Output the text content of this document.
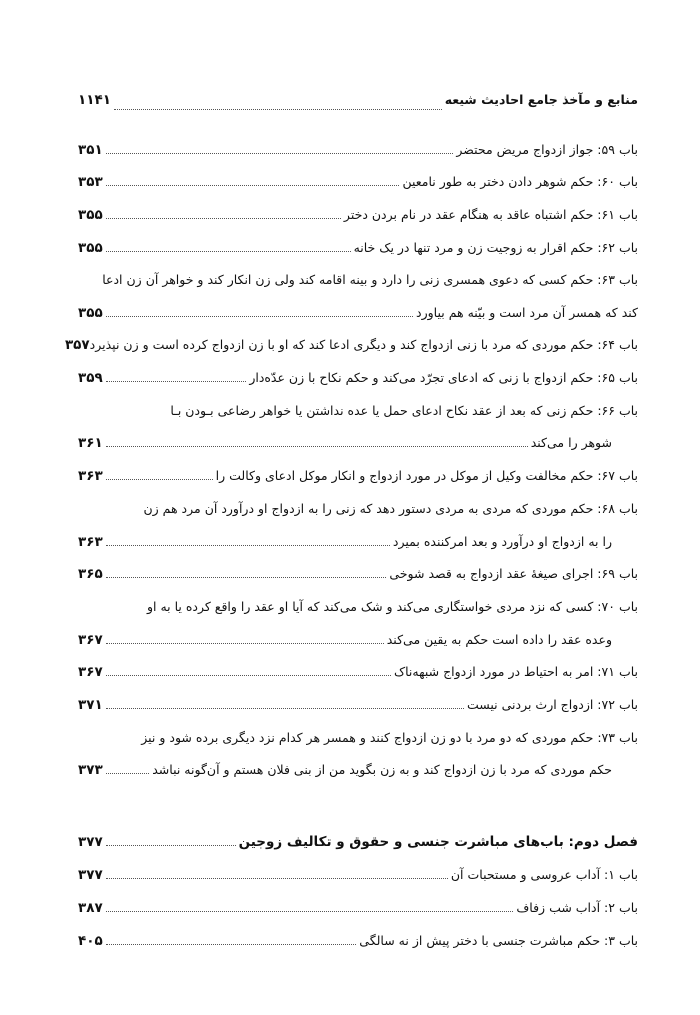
منابع و مآخذ جامع احادیث شیعه
۱۱۴۱
باب ۵۹: جواز ازدواج مریض محتضر
۳۵۱
باب ۶۰: حکم شوهر دادن دختر به طور نامعین
۳۵۳
باب ۶۱: حکم اشتباه عاقد به هنگام عقد در نام بردن دختر
۳۵۵
باب ۶۲: حکم اقرار به زوجیت زن و مرد تنها در یک خانه
۳۵۵
باب ۶۳: حکم کسی که دعوی همسری زنی را دارد و بینه اقامه کند ولی زن انکار کند و خواهر آن زن ادعا
کند که همسر آن مرد است و بیّنه هم بیاورد
۳۵۵
باب ۶۴: حکم موردی که مرد با زنی ازدواج کند و دیگری ادعا کند که او با زن ازدواج کرده است و زن نپذیرد
۳۵۷
باب ۶۵: حکم ازدواج با زنی که ادعای تجرّد می‌کند و حکم نکاح با زن عدّه‌دار
۳۵۹
باب ۶۶: حکم زنی که بعد از عقد نکاح ادعای حمل یا عده نداشتن یا خواهر رضاعی بـودن بـا
شوهر را می‌کند
۳۶۱
باب ۶۷: حکم مخالفت وکیل از موکل در مورد ازدواج و انکار موکل ادعای وکالت را
۳۶۳
باب ۶۸: حکم موردی که مردی به مردی دستور دهد که زنی را به ازدواج او درآورد آن مرد هم زن
را به ازدواج او درآورد و بعد امرکننده بمیرد
۳۶۳
باب ۶۹: اجرای صیغهٔ عقد ازدواج به قصد شوخی
۳۶۵
باب ۷۰: کسی که نزد مردی خواستگاری می‌کند و شک می‌کند که آیا او عقد را واقع کرده یا به او
وعده عقد را داده است حکم به یقین می‌کند
۳۶۷
باب ۷۱: امر به احتیاط در مورد ازدواج شبهه‌ناک
۳۶۷
باب ۷۲: ازدواج ارث بردنی نیست
۳۷۱
باب ۷۳: حکم موردی که دو مرد با دو زن ازدواج کنند و همسر هر کدام نزد دیگری برده شود و نیز
حکم موردی که مرد با زن ازدواج کند و به زن بگوید من از بنی فلان هستم و آن‌گونه نباشد
۳۷۳
فصل دوم: باب‌های مباشرت جنسی و حقوق و تکالیف زوجین
۳۷۷
باب ۱: آداب عروسی و مستحبات آن
۳۷۷
باب ۲: آداب شب زفاف
۳۸۷
باب ۳: حکم مباشرت جنسی با دختر پیش از نه سالگی
۴۰۵
